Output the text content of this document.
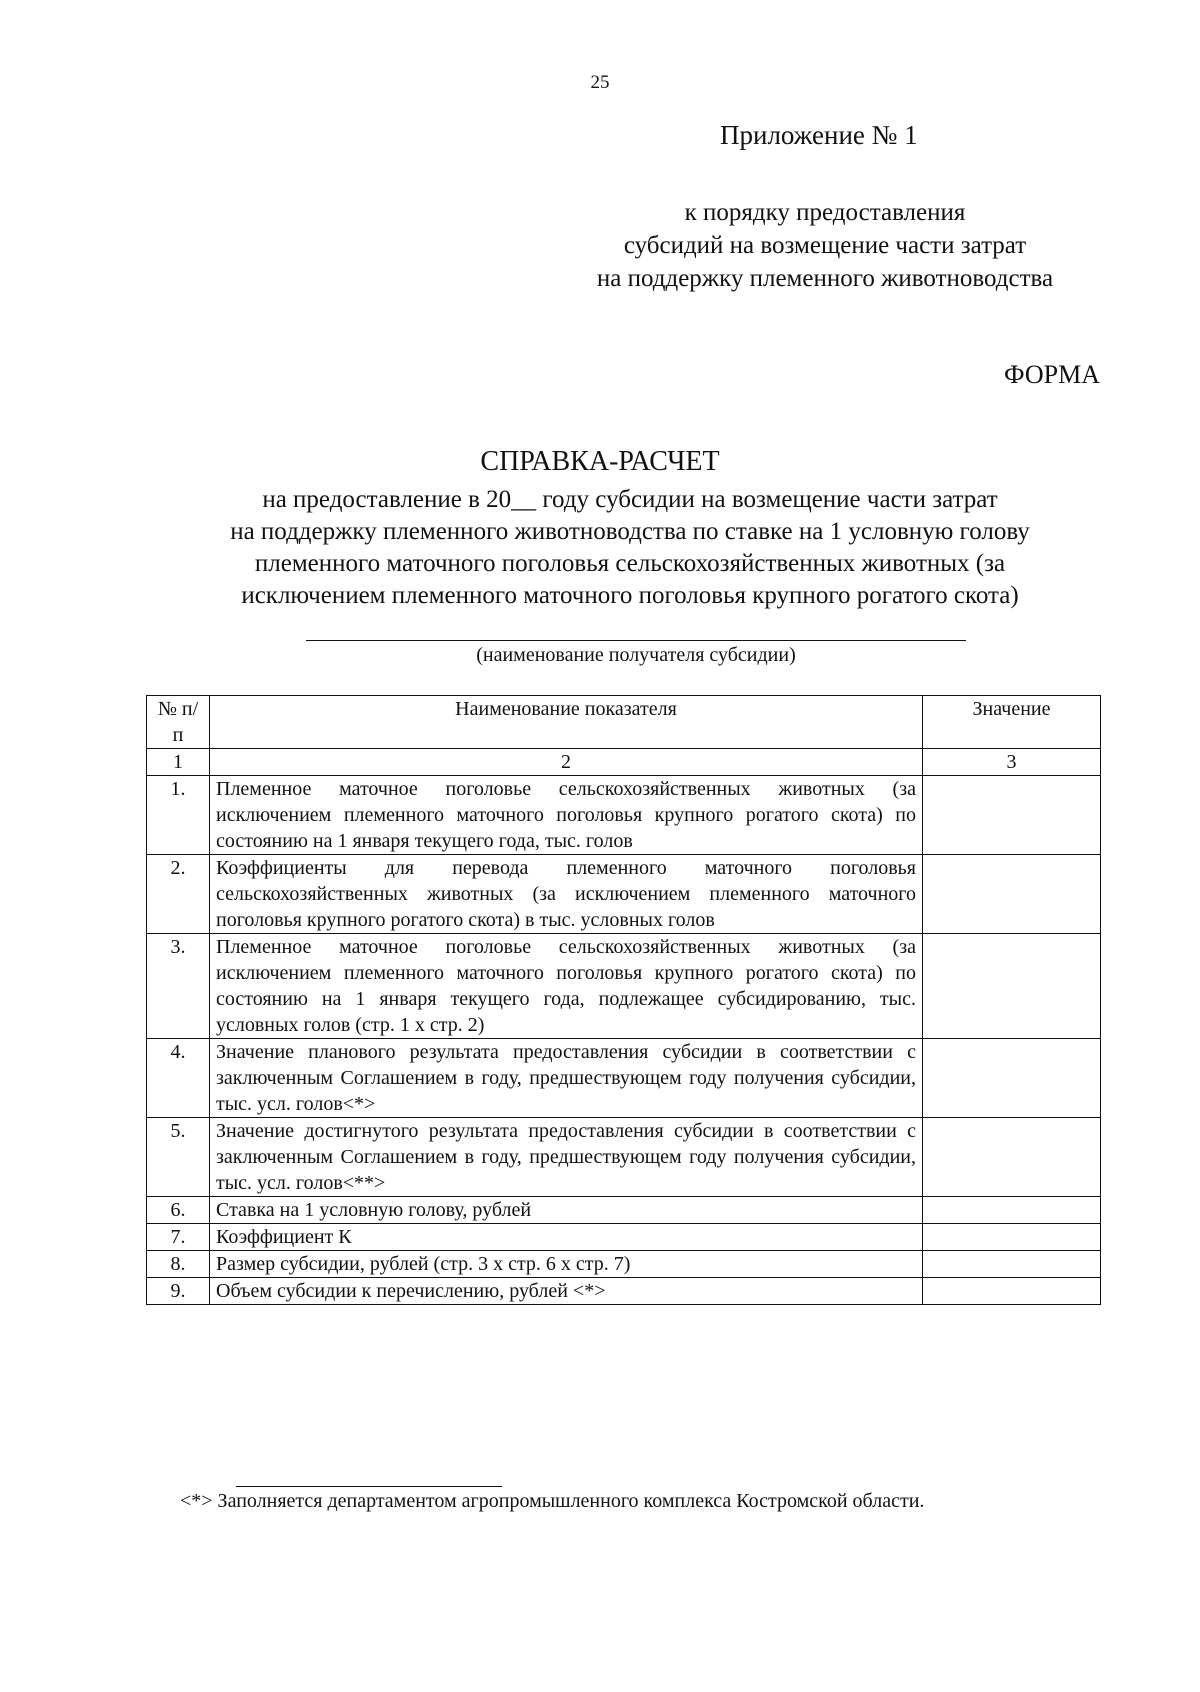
25
Приложение № 1
к порядку предоставления
субсидий на возмещение части затрат
на поддержку племенного животноводства
ФОРМА
СПРАВКА-РАСЧЕТ
на предоставление в 20__ году субсидии на возмещение части затрат
на поддержку племенного животноводства по ставке на 1 условную голову
племенного маточного поголовья сельскохозяйственных животных (за
исключением племенного маточного поголовья крупного рогатого скота)
(наименование получателя субсидии)
№ п/п	Наименование показателя	Значение
1	2	3
1.	Племенное маточное поголовье сельскохозяйственных животных (за исключением племенного маточного поголовья крупного рогатого скота) по состоянию на 1 января текущего года, тыс. голов	
2.	Коэффициенты для перевода племенного маточного поголовья сельскохозяйственных животных (за исключением племенного маточного поголовья крупного рогатого скота) в тыс. условных голов	
3.	Племенное маточное поголовье сельскохозяйственных животных (за исключением племенного маточного поголовья крупного рогатого скота) по состоянию на 1 января текущего года, подлежащее субсидированию, тыс. условных голов (стр. 1 х стр. 2)	
4.	Значение планового результата предоставления субсидии в соответствии с заключенным Соглашением в году, предшествующем году получения субсидии, тыс. усл. голов<*>	
5.	Значение достигнутого результата предоставления субсидии в соответствии с заключенным Соглашением в году, предшествующем году получения субсидии, тыс. усл. голов<**>	
6.	Ставка на 1 условную голову, рублей	
7.	Коэффициент К	
8.	Размер субсидии, рублей (стр. 3 х стр. 6 х стр. 7)	
9.	Объем субсидии к перечислению, рублей <*>	
<*> Заполняется департаментом агропромышленного комплекса Костромской области.
